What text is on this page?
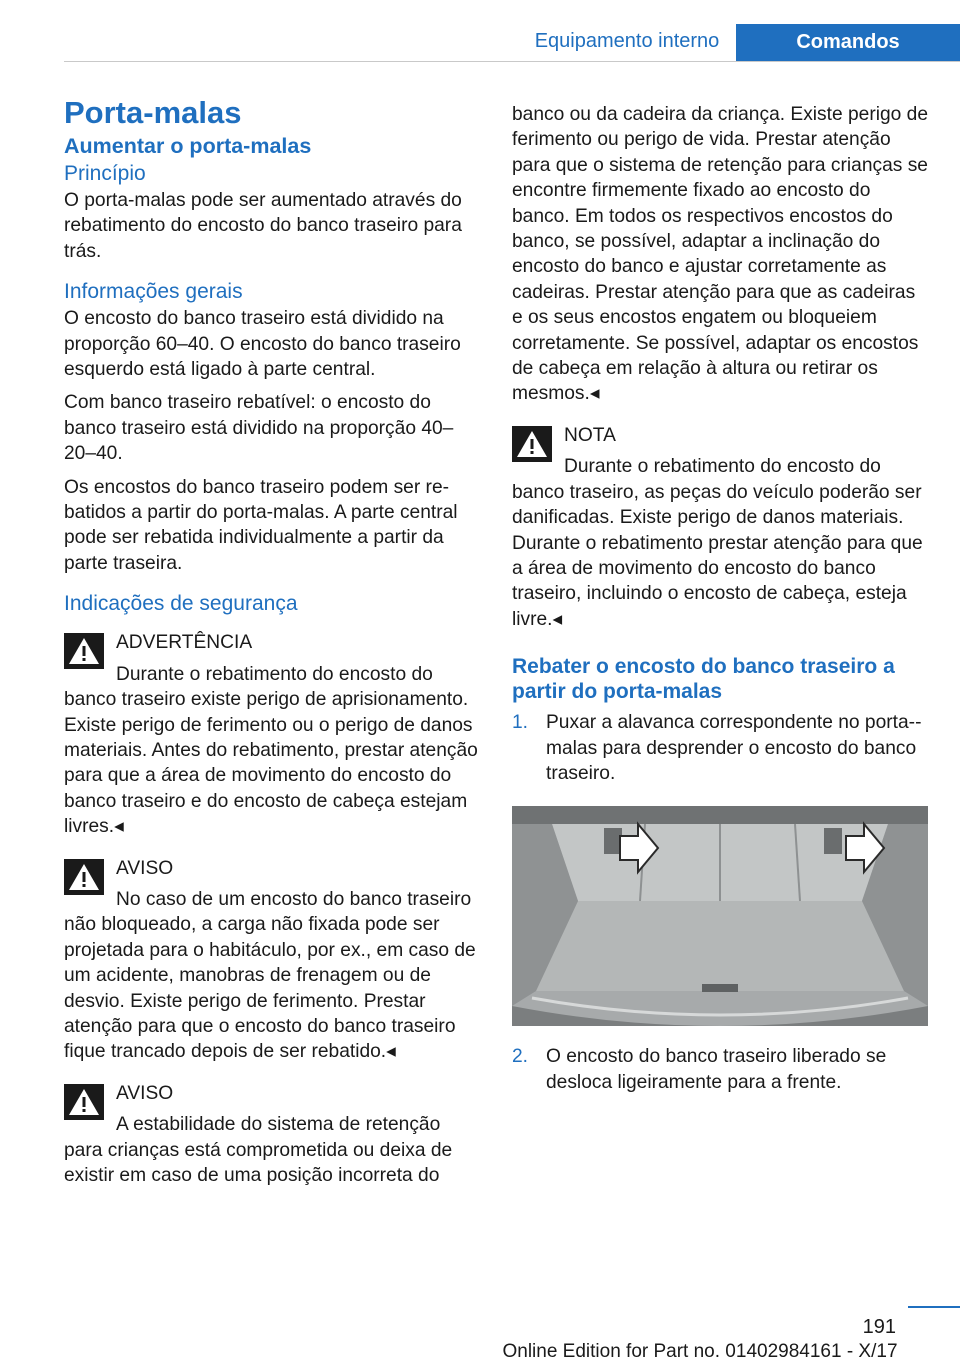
Equipamento interno	Comandos

Porta-malas

Aumentar o porta-malas

Princípio

O porta-malas pode ser aumentado através do rebatimento do encosto do banco traseiro para trás.

Informações gerais

O encosto do banco traseiro está dividido na proporção 60–40. O encosto do banco traseiro esquerdo está ligado à parte central.

Com banco traseiro rebatível: o encosto do banco traseiro está dividido na proporção 40–20–40.

Os encostos do banco traseiro podem ser rebatidos a partir do porta-malas. A parte central pode ser rebatida individualmente a partir da parte traseira.

Indicações de segurança

ADVERTÊNCIA

Durante o rebatimento do encosto do banco traseiro existe perigo de aprisionamento. Existe perigo de ferimento ou o perigo de danos materiais. Antes do rebatimento, prestar atenção para que a área de movimento do encosto do banco traseiro e do encosto de cabeça estejam livres.◂

AVISO

No caso de um encosto do banco traseiro não bloqueado, a carga não fixada pode ser projetada para o habitáculo, por ex., em caso de um acidente, manobras de frenagem ou de desvio. Existe perigo de ferimento. Prestar atenção para que o encosto do banco traseiro fique trancado depois de ser rebatido.◂

AVISO

A estabilidade do sistema de retenção para crianças está comprometida ou deixa de existir em caso de uma posição incorreta do

banco ou da cadeira da criança. Existe perigo de ferimento ou perigo de vida. Prestar atenção para que o sistema de retenção para crianças se encontre firmemente fixado ao encosto do banco. Em todos os respectivos encostos do banco, se possível, adaptar a inclinação do encosto do banco e ajustar corretamente as cadeiras. Prestar atenção para que as cadeiras e os seus encostos engatem ou bloqueiem corretamente. Se possível, adaptar os encostos de cabeça em relação à altura ou retirar os mesmos.◂

NOTA

Durante o rebatimento do encosto do banco traseiro, as peças do veículo poderão ser danificadas. Existe perigo de danos materiais. Durante o rebatimento prestar atenção para que a área de movimento do encosto do banco traseiro, incluindo o encosto de cabeça, esteja livre.◂

Rebater o encosto do banco traseiro a partir do porta-malas

1. Puxar a alavanca correspondente no porta-malas para desprender o encosto do banco traseiro.

2. O encosto do banco traseiro liberado se desloca ligeiramente para a frente.

191
Online Edition for Part no. 01402984161 - X/17
